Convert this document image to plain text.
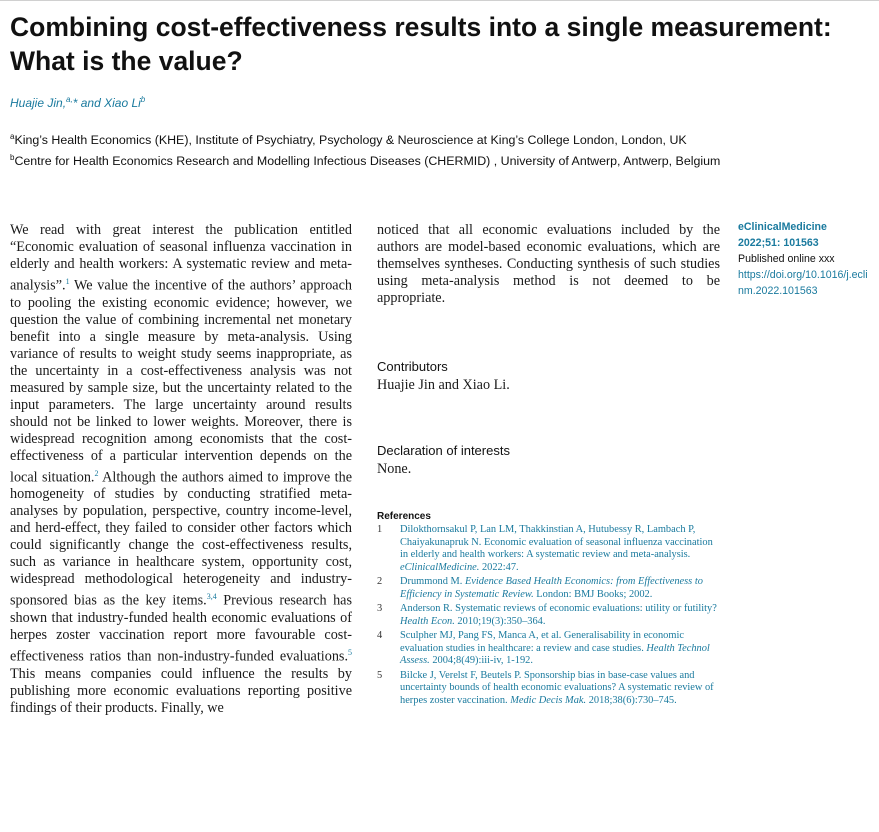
Combining cost-effectiveness results into a single measurement: What is the value?
Huajie Jin,$^{a,}$* and Xiao Li$^b$

$^a$King’s Health Economics (KHE), Institute of Psychiatry, Psychology & Neuroscience at King’s College London, London, UK

$^b$Centre for Health Economics Research and Modelling Infectious Diseases (CHERMID) , University of Antwerp, Antwerp, Belgium

We read with great interest the publication entitled “Economic evaluation of seasonal influenza vaccination in elderly and health workers: A systematic review and meta-analysis”.$^1$ We value the incentive of the authors’ approach to pooling the existing economic evidence; however, we question the value of combining incremental net monetary benefit into a single measure by meta-analysis. Using variance of results to weight study seems inappropriate, as the uncertainty in a cost-effectiveness analysis was not measured by sample size, but the uncertainty related to the input parameters. The large uncertainty around results should not be linked to lower weights. Moreover, there is widespread recognition among economists that the cost-effectiveness of a particular intervention depends on the local situation.$^2$ Although the authors aimed to improve the homogeneity of studies by conducting stratified meta-analyses by population, perspective, country income-level, and herd-effect, they failed to consider other factors which could significantly change the cost-effectiveness results, such as variance in healthcare system, opportunity cost, widespread methodological heterogeneity and industry-sponsored bias as the key items.$^{3,4}$ Previous research has shown that industry-funded health economic evaluations of herpes zoster vaccination report more favourable cost-effectiveness ratios than non-industry-funded evaluations.$^5$ This means companies could influence the results by publishing more economic evaluations reporting positive findings of their products. Finally, we

noticed that all economic evaluations included by the authors are model-based economic evaluations, which are themselves syntheses. Conducting synthesis of such studies using meta-analysis method is not deemed to be appropriate.

Contributors
Huajie Jin and Xiao Li.
Declaration of interests
None.
References
1 Dilokthornsakul P, Lan LM, Thakkinstian A, Hutubessy R, Lambach P, Chaiyakunapruk N. Economic evaluation of seasonal influenza vaccination in elderly and health workers: A systematic review and meta-analysis. eClinicalMedicine. 2022:47.
2 Drummond M. Evidence Based Health Economics: from Effectiveness to Efficiency in Systematic Review. London: BMJ Books; 2002.
3 Anderson R. Systematic reviews of economic evaluations: utility or futility? Health Econ. 2010;19(3):350–364.
4 Sculpher MJ, Pang FS, Manca A, et al. Generalisability in economic evaluation studies in healthcare: a review and case studies. Health Technol Assess. 2004;8(49):iii-iv, 1-192.
5 Bilcke J, Verelst F, Beutels P. Sponsorship bias in base-case values and uncertainty bounds of health economic evaluations? A systematic review of herpes zoster vaccination. Medic Decis Mak. 2018;38(6):730–745.
eClinicalMedicine
2022;51: 101563
Published online xxx
https://doi.org/10.1016/j.eclinm.2022.101563
